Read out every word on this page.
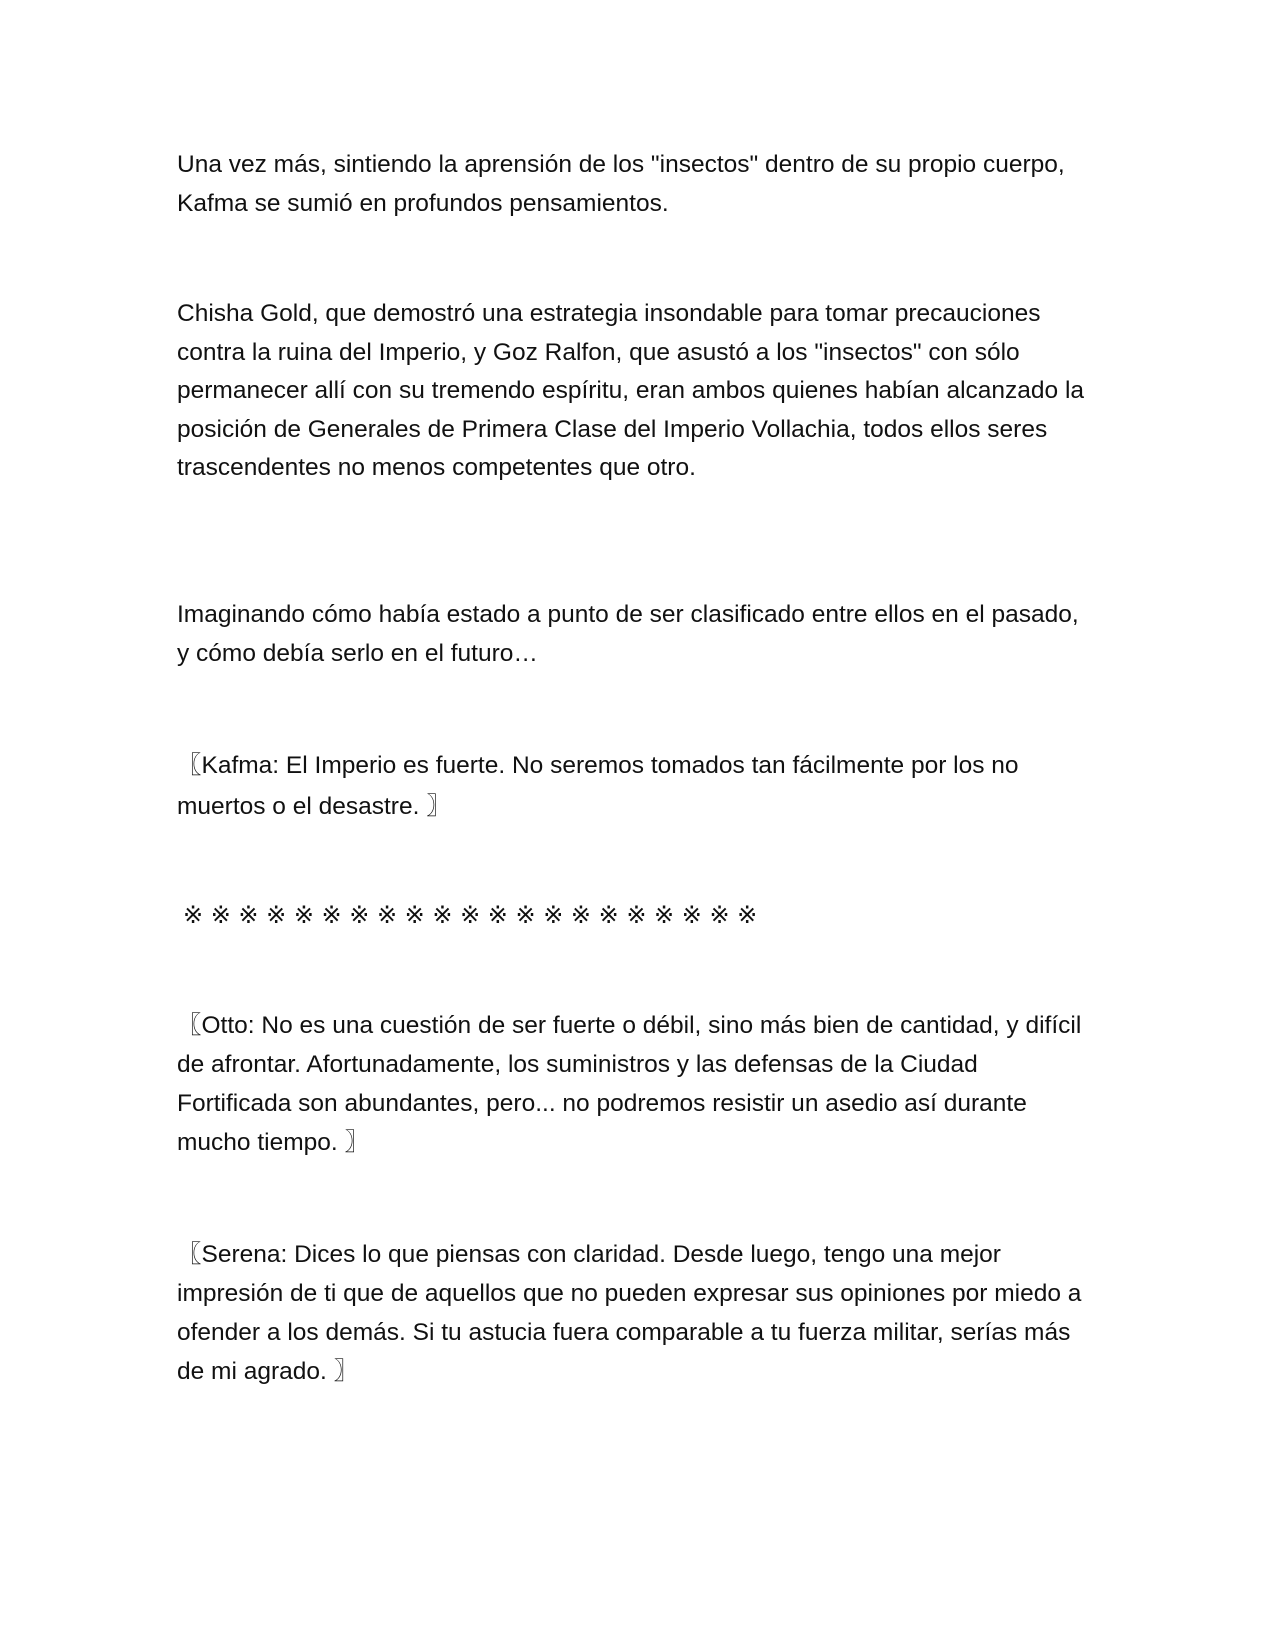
Una vez más, sintiendo la aprensión de los "insectos" dentro de su propio cuerpo, Kafma se sumió en profundos pensamientos.

Chisha Gold, que demostró una estrategia insondable para tomar precauciones contra la ruina del Imperio, y Goz Ralfon, que asustó a los "insectos" con sólo permanecer allí con su tremendo espíritu, eran ambos quienes habían alcanzado la posición de Generales de Primera Clase del Imperio Vollachia, todos ellos seres trascendentes no menos competentes que otro.

Imaginando cómo había estado a punto de ser clasificado entre ellos en el pasado, y cómo debía serlo en el futuro…

〖Kafma: El Imperio es fuerte. No seremos tomados tan fácilmente por los no muertos o el desastre. 〗

※※※※※※※※※※※※※※※※※※※※※

〖Otto: No es una cuestión de ser fuerte o débil, sino más bien de cantidad, y difícil de afrontar. Afortunadamente, los suministros y las defensas de la Ciudad Fortificada son abundantes, pero... no podremos resistir un asedio así durante mucho tiempo. 〗

〖Serena: Dices lo que piensas con claridad. Desde luego, tengo una mejor impresión de ti que de aquellos que no pueden expresar sus opiniones por miedo a ofender a los demás. Si tu astucia fuera comparable a tu fuerza militar, serías más de mi agrado. 〗
